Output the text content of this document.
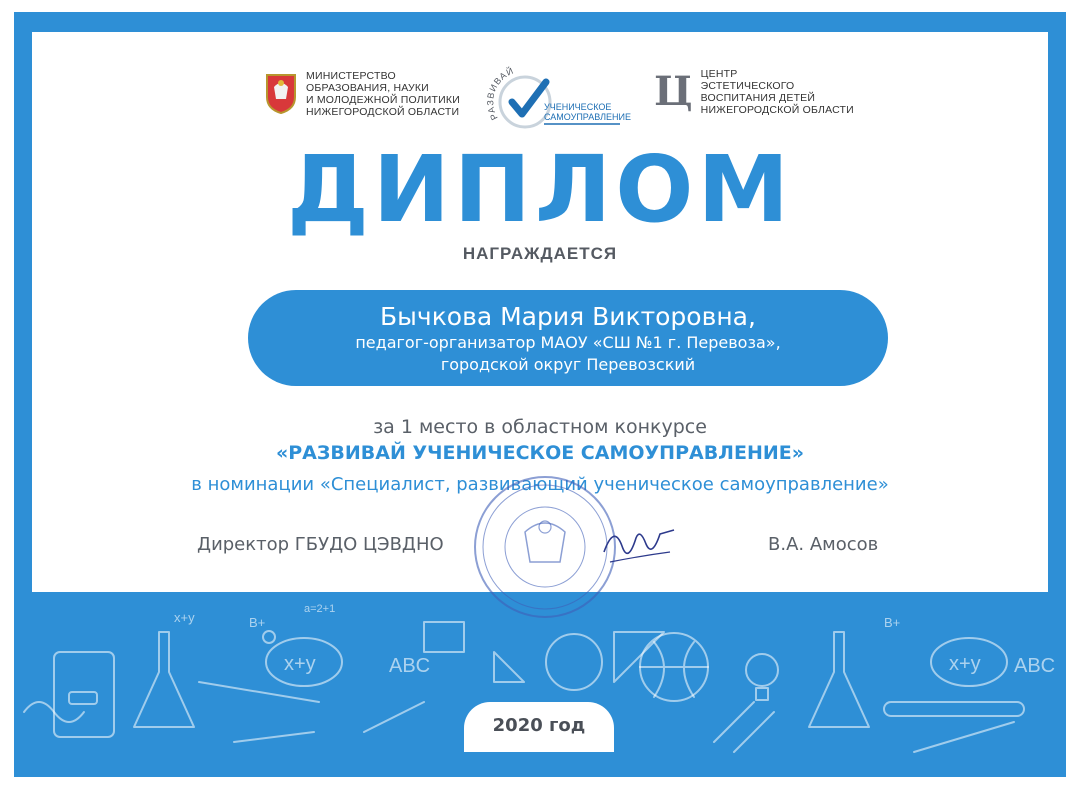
x+y	ABC
B+
x+y ABC
B+
a=2+1
x+y
МИНИСТЕРСТВО
ОБРАЗОВАНИЯ, НАУКИ
И МОЛОДЕЖНОЙ ПОЛИТИКИ
НИЖЕГОРОДСКОЙ ОБЛАСТИ	РАЗВИВАЙ
УЧЕНИЧЕСКОЕ
САМОУПРАВЛЕНИЕ
Ц ЦЕНТР
ЭСТЕТИЧЕСКОГО
ВОСПИТАНИЯ ДЕТЕЙ
НИЖЕГОРОДСКОЙ ОБЛАСТИ
ДИПЛОМ
НАГРАЖДАЕТСЯ
Бычкова Мария Викторовна,
педагог-организатор МАОУ «СШ №1 г. Перевоза»,
городской округ Перевозский
за 1 место в областном конкурсе
«РАЗВИВАЙ УЧЕНИЧЕСКОЕ САМОУПРАВЛЕНИЕ»
в номинации «Специалист, развивающий ученическое самоуправление»
Директор ГБУДО ЦЭВДНО	В.А. Амосов
2020 год
